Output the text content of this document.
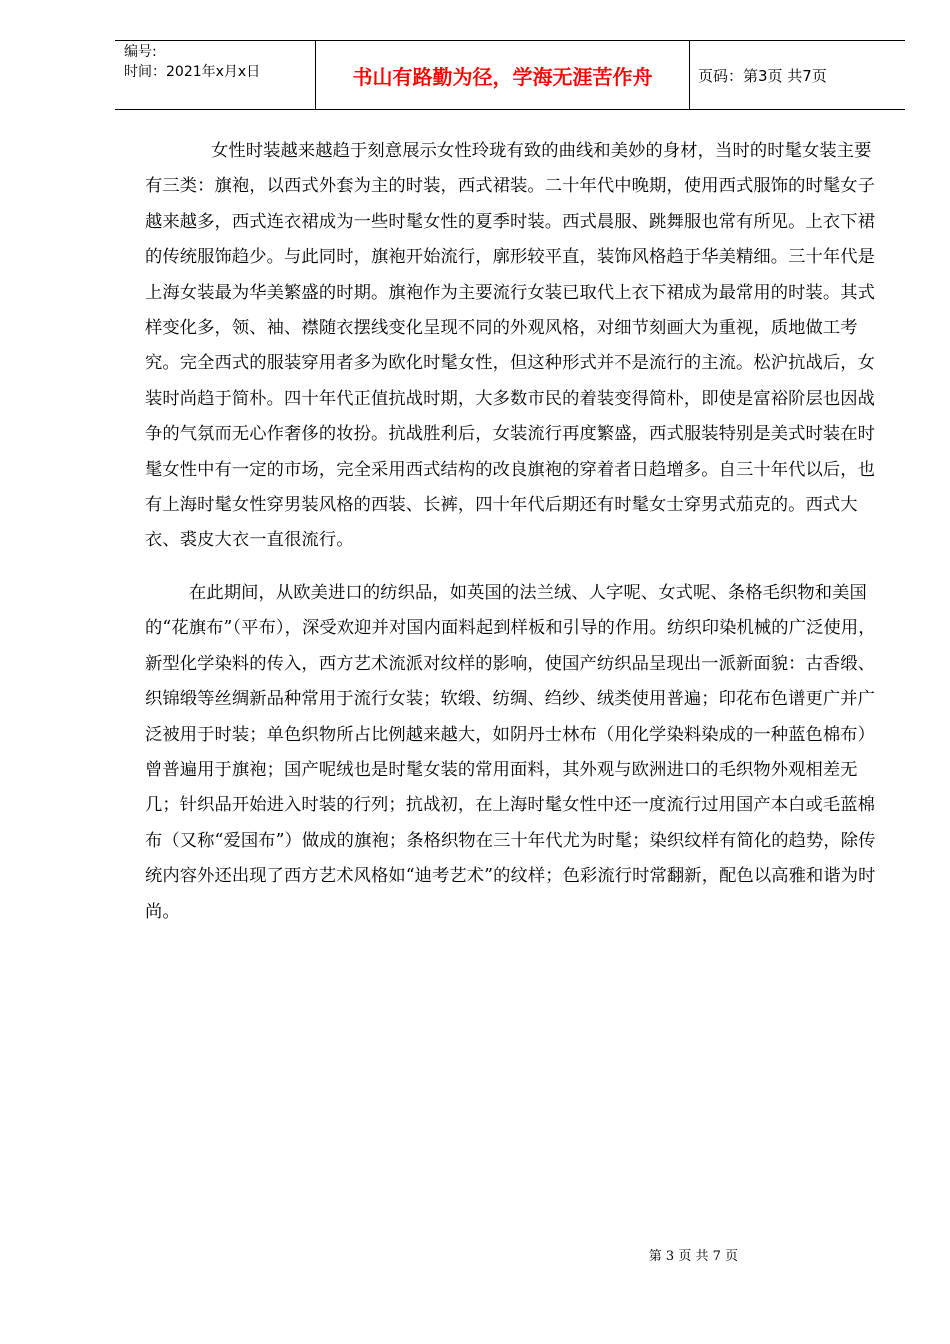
编号:
时间：2021年x月x日	书山有路勤为径，学海无涯苦作舟	页码：第3页 共7页

女性时装越来越趋于刻意展示女性玲珑有致的曲线和美妙的身材，当时的时髦女装主要有三类：旗袍，以西式外套为主的时装，西式裙装。二十年代中晚期，使用西式服饰的时髦女子越来越多，西式连衣裙成为一些时髦女性的夏季时装。西式晨服、跳舞服也常有所见。上衣下裙的传统服饰趋少。与此同时，旗袍开始流行，廓形较平直，装饰风格趋于华美精细。三十年代是上海女装最为华美繁盛的时期。旗袍作为主要流行女装已取代上衣下裙成为最常用的时装。其式样变化多，领、袖、襟随衣摆线变化呈现不同的外观风格，对细节刻画大为重视，质地做工考究。完全西式的服装穿用者多为欧化时髦女性，但这种形式并不是流行的主流。松沪抗战后，女装时尚趋于简朴。四十年代正值抗战时期，大多数市民的着装变得简朴，即使是富裕阶层也因战争的气氛而无心作奢侈的妆扮。抗战胜利后，女装流行再度繁盛，西式服装特别是美式时装在时髦女性中有一定的市场，完全采用西式结构的改良旗袍的穿着者日趋增多。自三十年代以后，也有上海时髦女性穿男装风格的西装、长裤，四十年代后期还有时髦女士穿男式茄克的。西式大衣、裘皮大衣一直很流行。

在此期间，从欧美进口的纺织品，如英国的法兰绒、人字呢、女式呢、条格毛织物和美国的“花旗布”（平布），深受欢迎并对国内面料起到样板和引导的作用。纺织印染机械的广泛使用，新型化学染料的传入，西方艺术流派对纹样的影响，使国产纺织品呈现出一派新面貌：古香缎、织锦缎等丝绸新品种常用于流行女装；软缎、纺绸、绉纱、绒类使用普遍；印花布色谱更广并广泛被用于时装；单色织物所占比例越来越大，如阴丹士林布（用化学染料染成的一种蓝色棉布）曾普遍用于旗袍；国产呢绒也是时髦女装的常用面料，其外观与欧洲进口的毛织物外观相差无几；针织品开始进入时装的行列；抗战初，在上海时髦女性中还一度流行过用国产本白或毛蓝棉布（又称“爱国布”）做成的旗袍；条格织物在三十年代尤为时髦；染织纹样有简化的趋势，除传统内容外还出现了西方艺术风格如“迪考艺术”的纹样；色彩流行时常翻新，配色以高雅和谐为时尚。

第 3 页 共 7 页
